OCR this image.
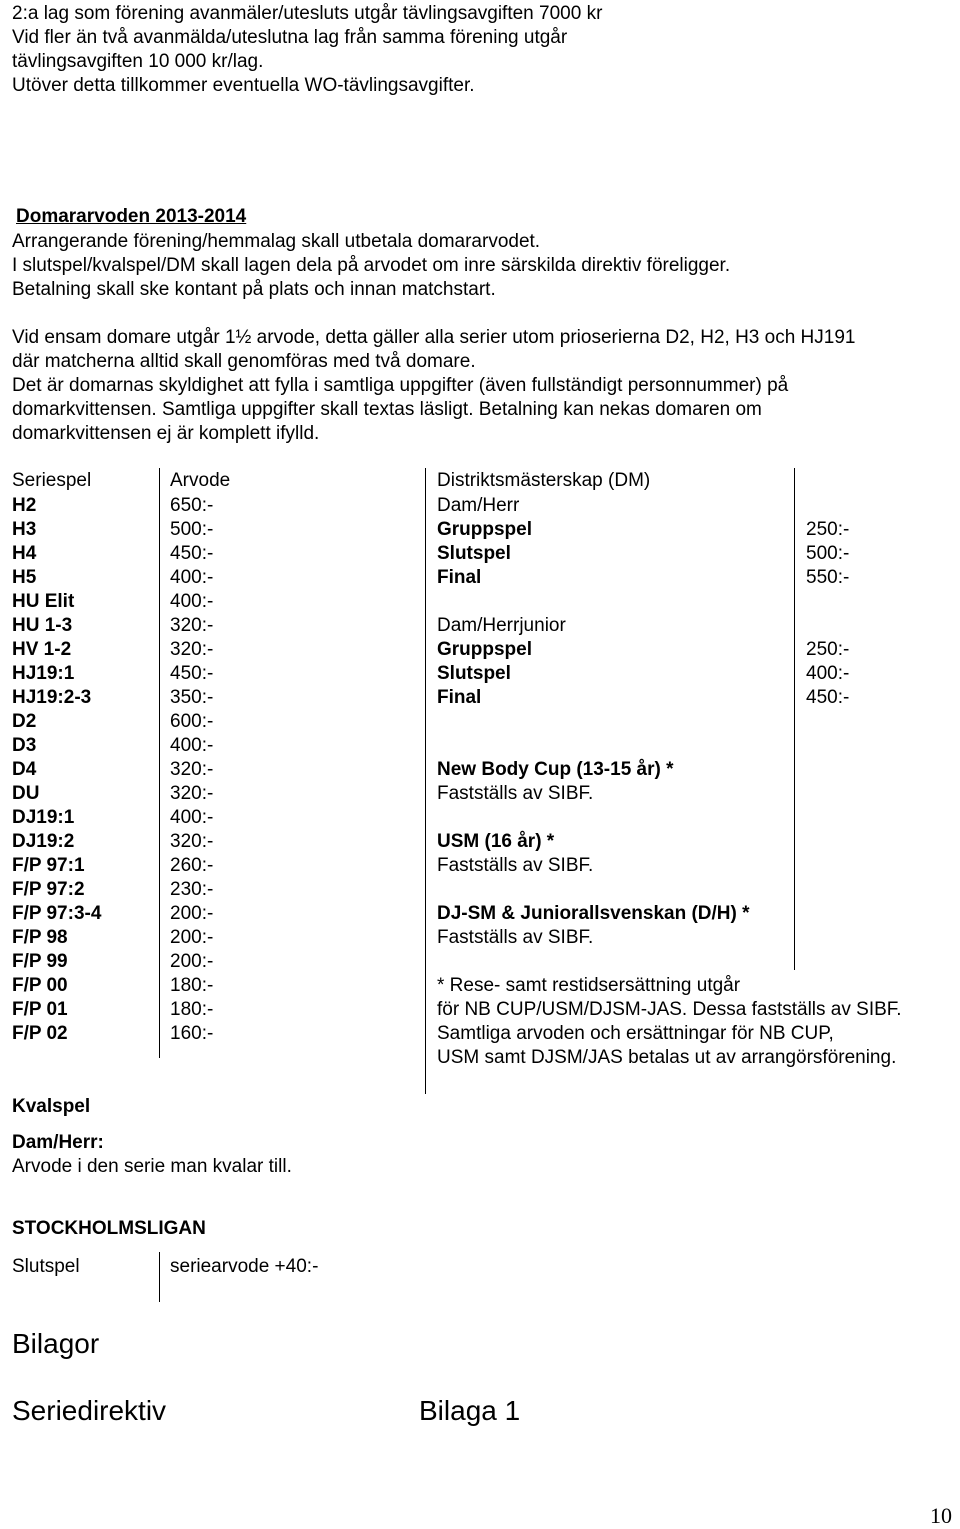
2:a lag som förening avanmäler/utesluts utgår tävlingsavgiften 7000 kr
Vid fler än två avanmälda/uteslutna lag från samma förening utgår
tävlingsavgiften 10 000 kr/lag.
Utöver detta tillkommer eventuella WO-tävlingsavgifter.
Domararvoden 2013-2014
Arrangerande förening/hemmalag skall utbetala domararvodet.
I slutspel/kvalspel/DM skall lagen dela på arvodet om inre särskilda direktiv föreligger.
Betalning skall ske kontant på plats och innan matchstart.
Vid ensam domare utgår 1½ arvode, detta gäller alla serier utom prioserierna D2, H2, H3 och HJ191
där matcherna alltid skall genomföras med två domare.
Det är domarnas skyldighet att fylla i samtliga uppgifter (även fullständigt personnummer) på
domarkvittensen. Samtliga uppgifter skall textas läsligt. Betalning kan nekas domaren om
domarkvittensen ej är komplett ifylld.
Seriespel	Arvode	Distriktsmästerskap (DM)
H2	650:-
H3	500:-
H4	450:-
H5	400:-
HU Elit	400:-
HU 1-3	320:-
HV 1-2	320:-
HJ19:1	450:-
HJ19:2-3	350:-
D2	600:-
D3	400:-
D4	320:-
DU	320:-
DJ19:1	400:-
DJ19:2	320:-
F/P 97:1	260:-
F/P 97:2	230:-
F/P 97:3-4	200:-
F/P 98	200:-
F/P 99	200:-
F/P 00	180:-
F/P 01	180:-
F/P 02	160:-
Dam/Herr
Gruppspel	250:-
Slutspel	500:-
Final	550:-
Dam/Herrjunior
Gruppspel	250:-
Slutspel	400:-
Final	450:-
New Body Cup (13-15 år) *
Fastställs av SIBF.
USM (16 år) *
Fastställs av SIBF.
DJ-SM & Juniorallsvenskan (D/H) *
Fastställs av SIBF.
* Rese- samt restidsersättning utgår
för NB CUP/USM/DJSM-JAS. Dessa fastställs av SIBF.
Samtliga arvoden och ersättningar för NB CUP,
USM samt DJSM/JAS betalas ut av arrangörsförening.
Kvalspel
Dam/Herr:
Arvode i den serie man kvalar till.
STOCKHOLMSLIGAN
Slutspel	seriearvode +40:-
Bilagor
Seriedirektiv	Bilaga 1
10
